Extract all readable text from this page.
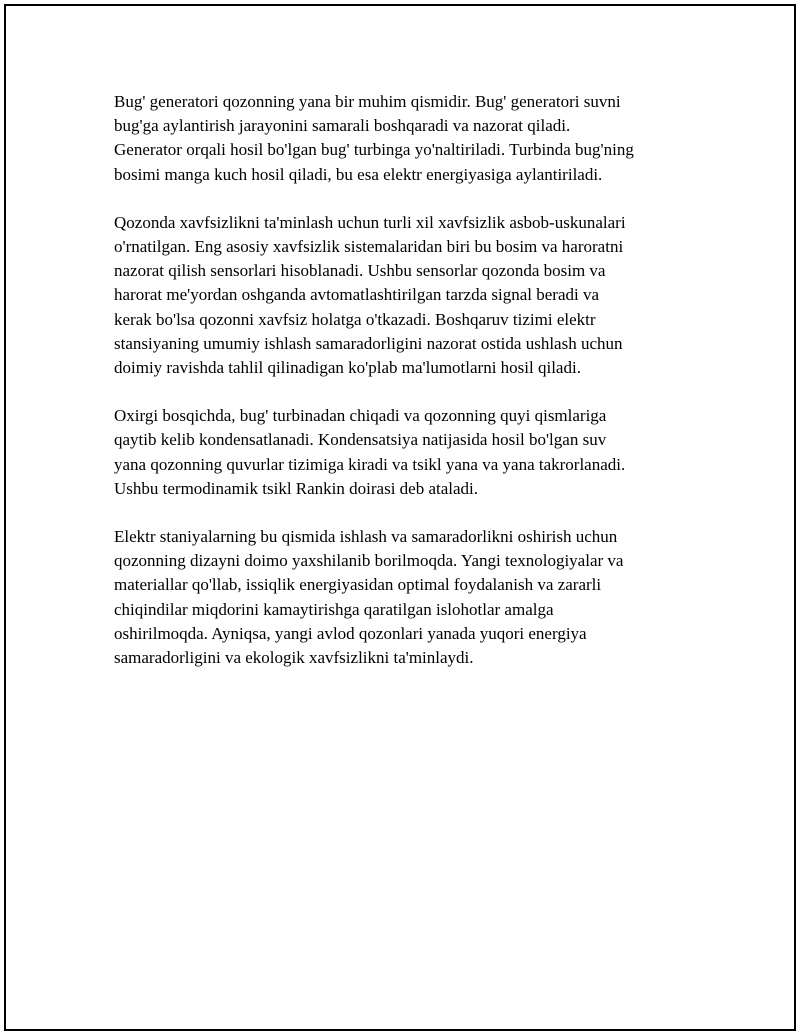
Bug' generatori qozonning yana bir muhim qismidir. Bug' generatori suvni
bug'ga aylantirish jarayonini samarali boshqaradi va nazorat qiladi.
Generator orqali hosil bo'lgan bug' turbinga yo'naltiriladi. Turbinda bug'ning
bosimi manga kuch hosil qiladi, bu esa elektr energiyasiga aylantiriladi.

Qozonda xavfsizlikni ta'minlash uchun turli xil xavfsizlik asbob-uskunalari
o'rnatilgan. Eng asosiy xavfsizlik sistemalaridan biri bu bosim va haroratni
nazorat qilish sensorlari hisoblanadi. Ushbu sensorlar qozonda bosim va
harorat me'yordan oshganda avtomatlashtirilgan tarzda signal beradi va
kerak bo'lsa qozonni xavfsiz holatga o'tkazadi. Boshqaruv tizimi elektr
stansiyaning umumiy ishlash samaradorligini nazorat ostida ushlash uchun
doimiy ravishda tahlil qilinadigan ko'plab ma'lumotlarni hosil qiladi.

Oxirgi bosqichda, bug' turbinadan chiqadi va qozonning quyi qismlariga
qaytib kelib kondensatlanadi. Kondensatsiya natijasida hosil bo'lgan suv
yana qozonning quvurlar tizimiga kiradi va tsikl yana va yana takrorlanadi.
Ushbu termodinamik tsikl Rankin doirasi deb ataladi.

Elektr staniyalarning bu qismida ishlash va samaradorlikni oshirish uchun
qozonning dizayni doimo yaxshilanib borilmoqda. Yangi texnologiyalar va
materiallar qo'llab, issiqlik energiyasidan optimal foydalanish va zararli
chiqindilar miqdorini kamaytirishga qaratilgan islohotlar amalga
oshirilmoqda. Ayniqsa, yangi avlod qozonlari yanada yuqori energiya
samaradorligini va ekologik xavfsizlikni ta'minlaydi.
